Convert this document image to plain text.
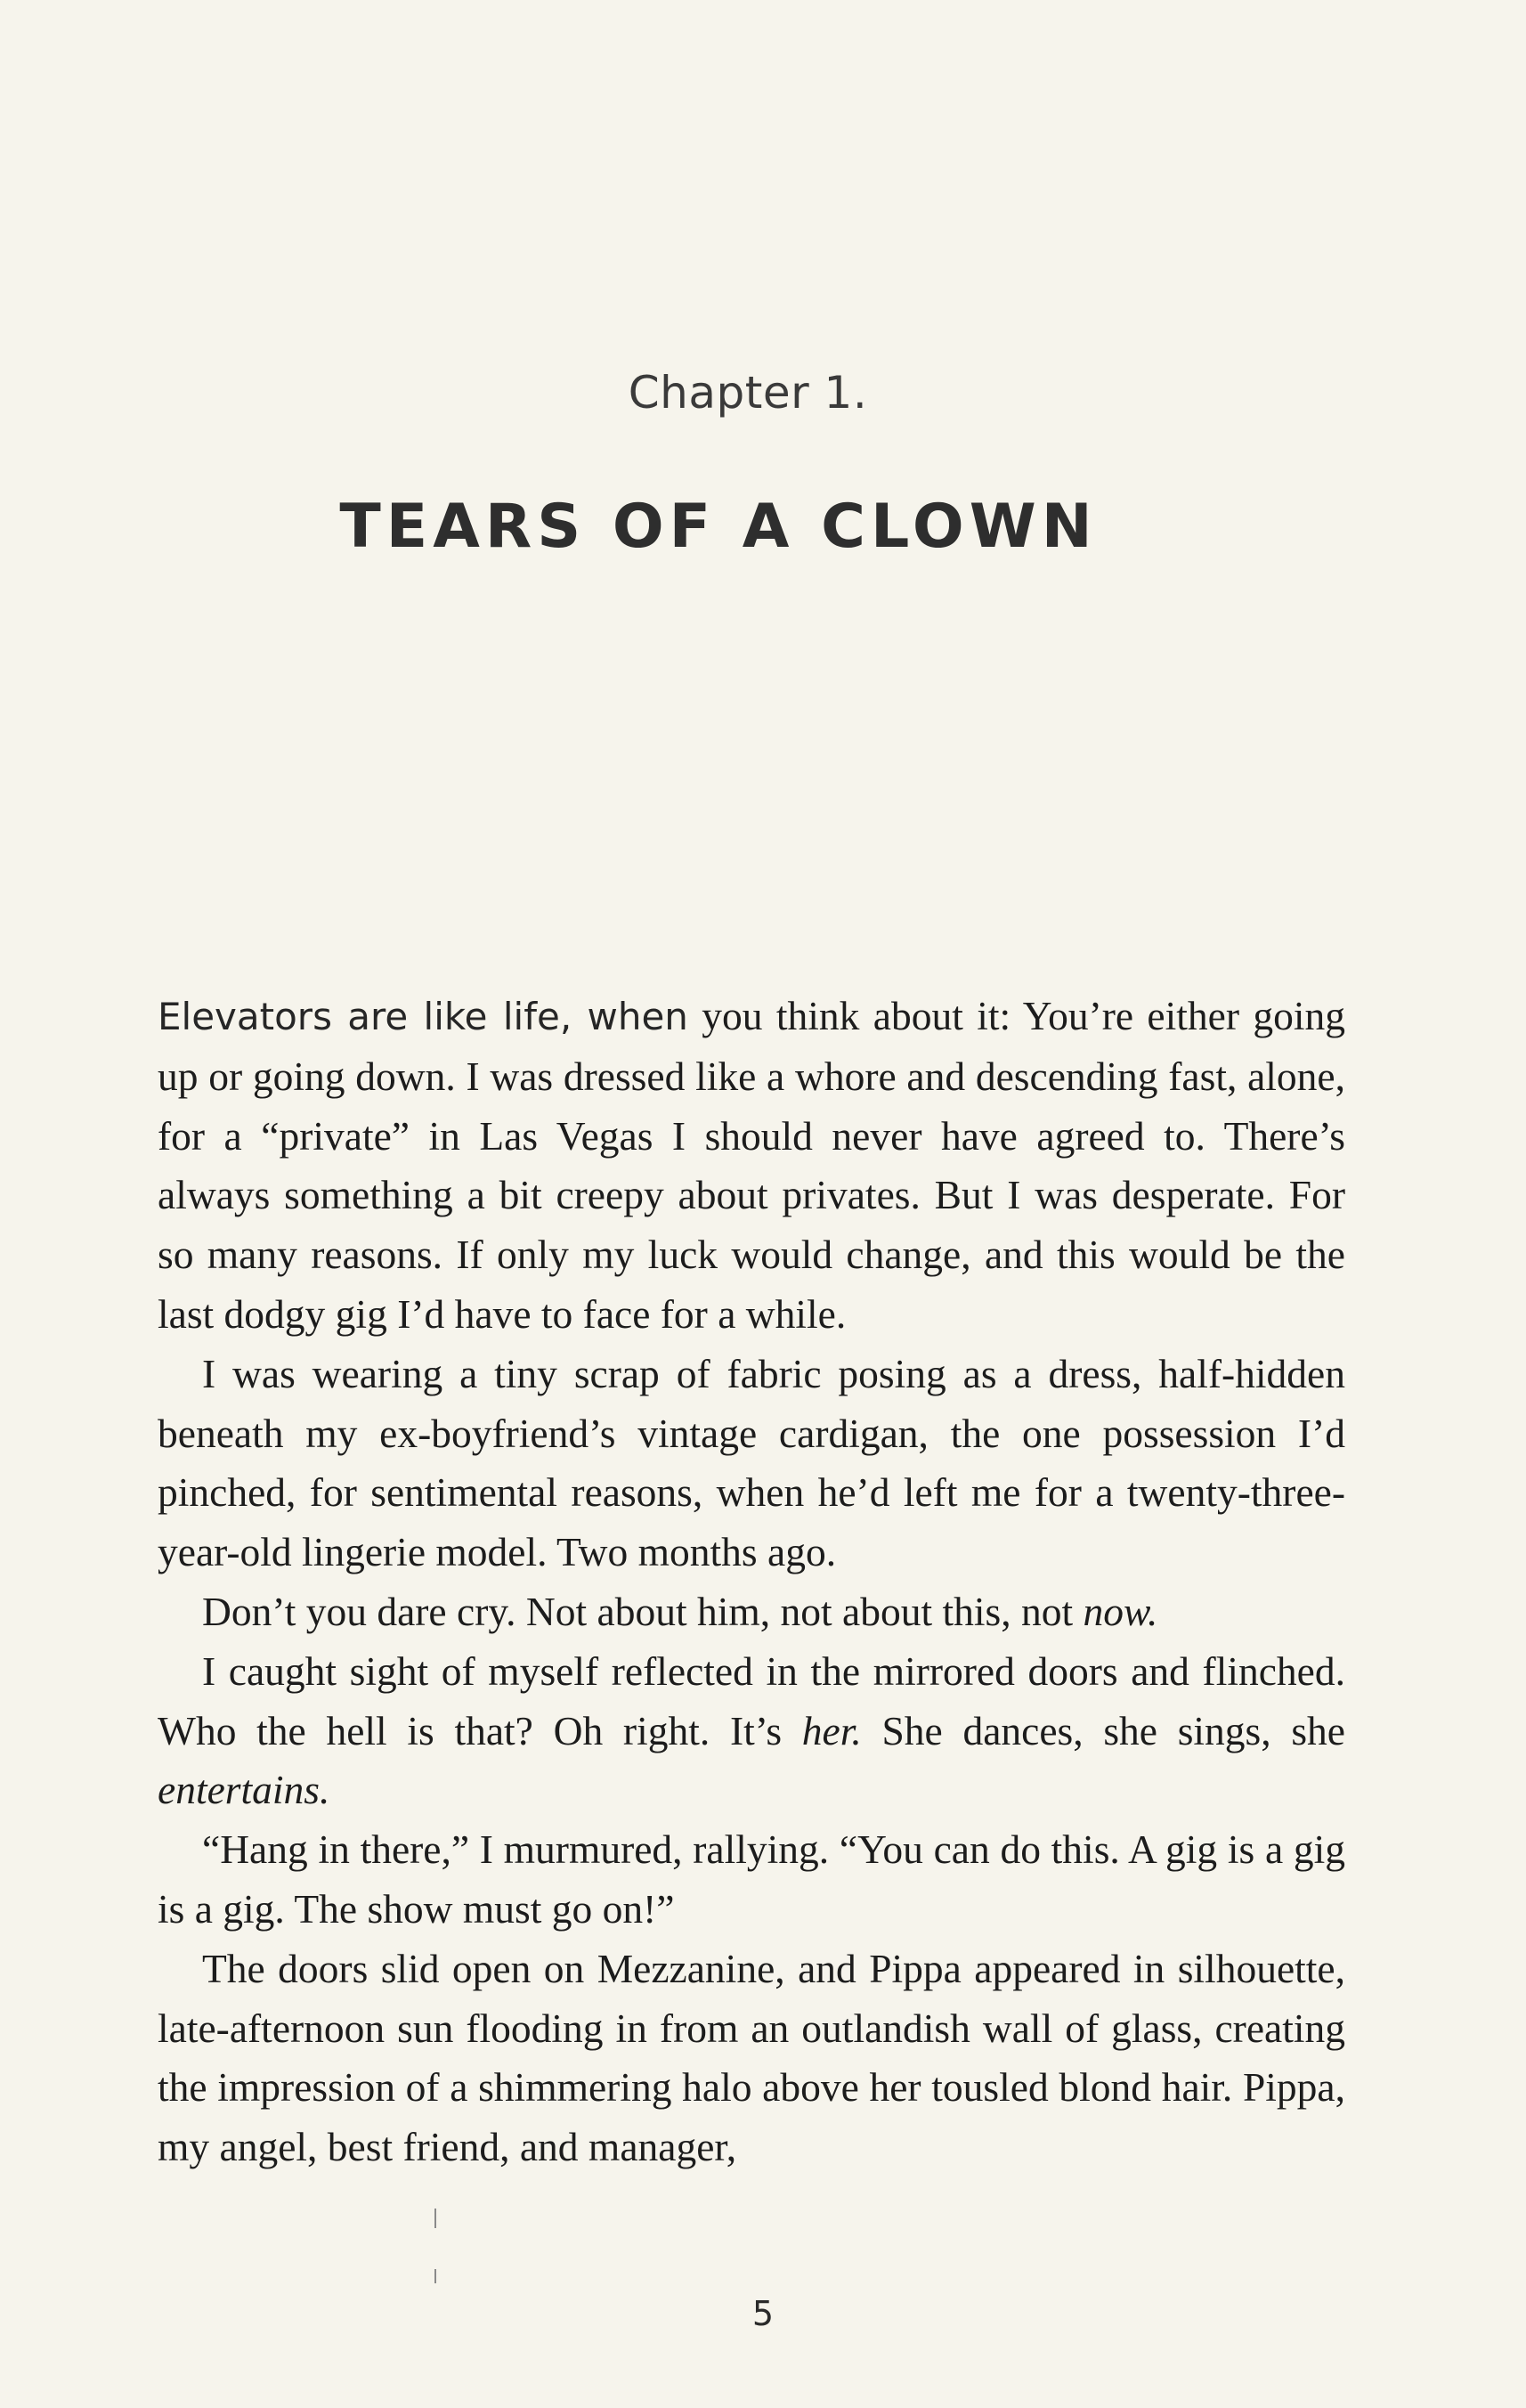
Chapter 1.
TEARS OF A CLOWN

Elevators are like life, when you think about it: You’re either going up or going down. I was dressed like a whore and descending fast, alone, for a “private” in Las Vegas I should never have agreed to. There’s always something a bit creepy about privates. But I was desperate. For so many reasons. If only my luck would change, and this would be the last dodgy gig I’d have to face for a while.

I was wearing a tiny scrap of fabric posing as a dress, half-hidden beneath my ex-boyfriend’s vintage cardigan, the one possession I’d pinched, for sentimental reasons, when he’d left me for a twenty-three-year-old lingerie model. Two months ago.

Don’t you dare cry. Not about him, not about this, not now.

I caught sight of myself reflected in the mirrored doors and flinched. Who the hell is that? Oh right. It’s her. She dances, she sings, she entertains.

“Hang in there,” I murmured, rallying. “You can do this. A gig is a gig is a gig. The show must go on!”

The doors slid open on Mezzanine, and Pippa appeared in silhouette, late-afternoon sun flooding in from an outlandish wall of glass, creating the impression of a shimmering halo above her tousled blond hair. Pippa, my angel, best friend, and manager,

5
